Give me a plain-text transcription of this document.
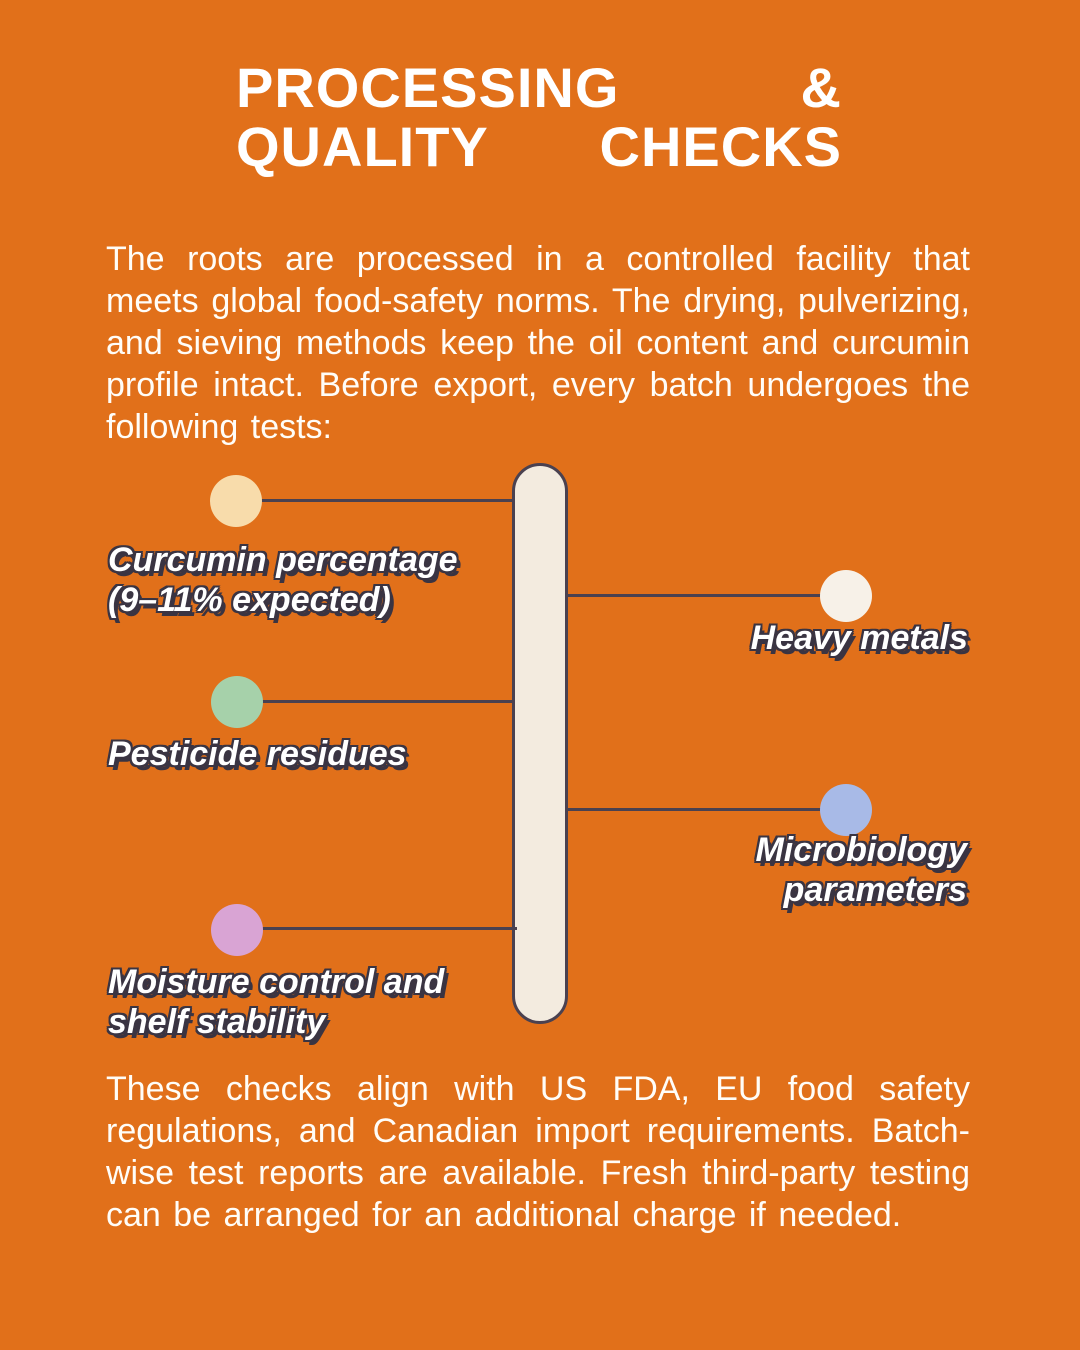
PROCESSING	&
QUALITY CHECKS

The roots are processed in a controlled facility that meets global food-safety norms. The drying, pulverizing, and sieving methods keep the oil content and curcumin profile intact. Before export, every batch undergoes the following tests:

Curcumin percentage
(9–11% expected)
Heavy metals
Pesticide residues
Microbiology
parameters
Moisture control and
shelf stability

These checks align with US FDA, EU food safety regulations, and Canadian import requirements. Batch-wise test reports are available. Fresh third-party testing can be arranged for an additional charge if needed.
